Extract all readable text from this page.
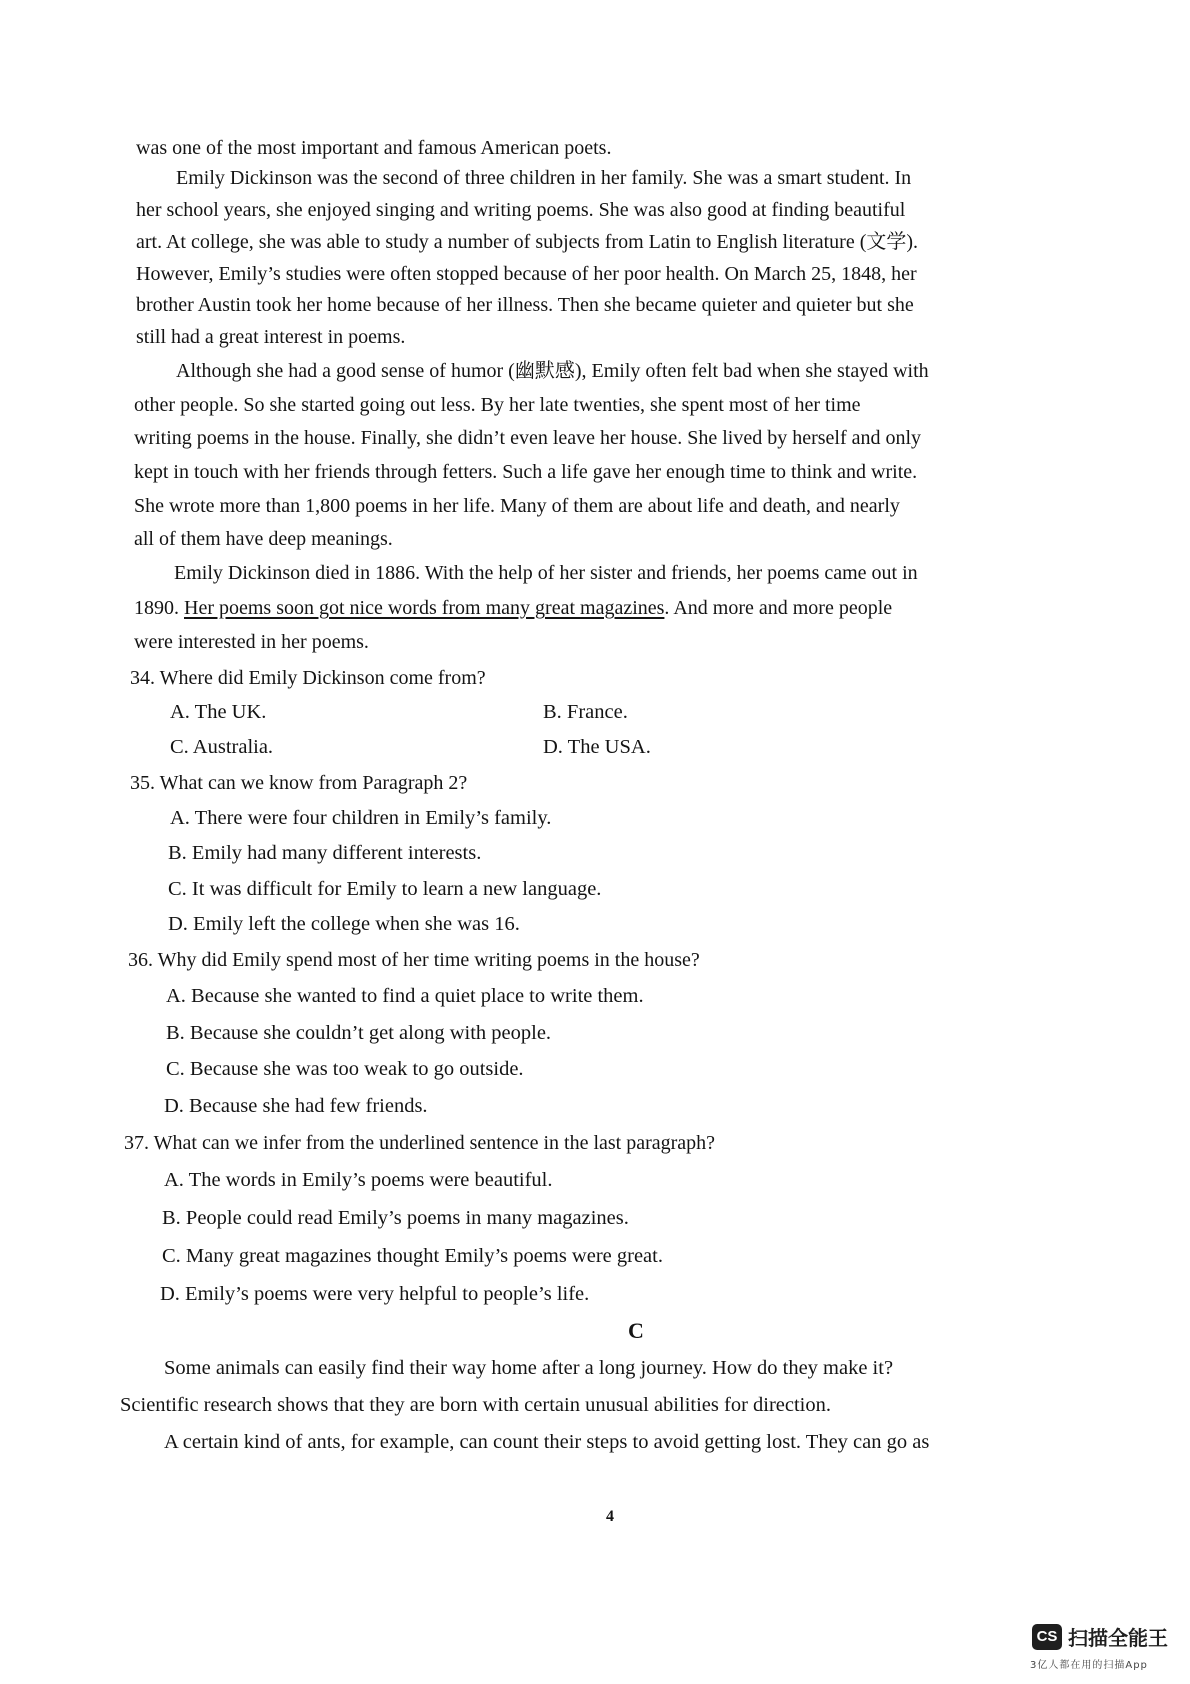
was one of the most important and famous American poets.
Emily Dickinson was the second of three children in her family. She was a smart student. In
her school years, she enjoyed singing and writing poems. She was also good at finding beautiful
art. At college, she was able to study a number of subjects from Latin to English literature (文学).
However, Emily’s studies were often stopped because of her poor health. On March 25, 1848, her
brother Austin took her home because of her illness. Then she became quieter and quieter but she
still had a great interest in poems.
Although she had a good sense of humor (幽默感), Emily often felt bad when she stayed with
other people. So she started going out less. By her late twenties, she spent most of her time
writing poems in the house. Finally, she didn’t even leave her house. She lived by herself and only
kept in touch with her friends through fetters. Such a life gave her enough time to think and write.
She wrote more than 1,800 poems in her life. Many of them are about life and death, and nearly
all of them have deep meanings.
Emily Dickinson died in 1886. With the help of her sister and friends, her poems came out in
1890. Her poems soon got nice words from many great magazines. And more and more people
were interested in her poems.
34. Where did Emily Dickinson come from?
A. The UK.	B. France.
C. Australia.	D. The USA.
35. What can we know from Paragraph 2?
A. There were four children in Emily’s family.
B. Emily had many different interests.
C. It was difficult for Emily to learn a new language.
D. Emily left the college when she was 16.
36. Why did Emily spend most of her time writing poems in the house?
A. Because she wanted to find a quiet place to write them.
B. Because she couldn’t get along with people.
C. Because she was too weak to go outside.
D. Because she had few friends.
37. What can we infer from the underlined sentence in the last paragraph?
A. The words in Emily’s poems were beautiful.
B. People could read Emily’s poems in many magazines.
C. Many great magazines thought Emily’s poems were great.
D. Emily’s poems were very helpful to people’s life.
C
Some animals can easily find their way home after a long journey. How do they make it?
Scientific research shows that they are born with certain unusual abilities for direction.
A certain kind of ants, for example, can count their steps to avoid getting lost. They can go as
4
CS 扫描全能王
3亿人都在用的扫描App
